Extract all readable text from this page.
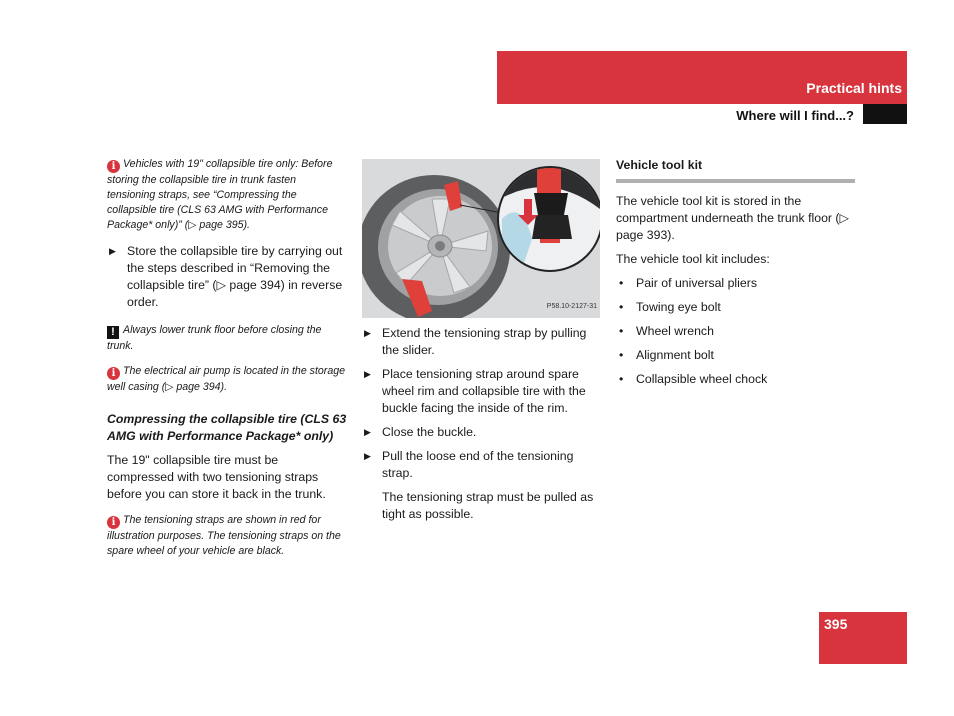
Practical hints
Where will I find...?
i Vehicles with 19" collapsible tire only: Before storing the collapsible tire in trunk fasten tensioning straps, see “Compressing the collapsible tire (CLS 63 AMG with Performance Package* only)” (▷ page 395).
▶ Store the collapsible tire by carrying out the steps described in “Removing the collapsible tire” (▷ page 394) in reverse order.
! Always lower trunk floor before closing the trunk.
i The electrical air pump is located in the storage well casing (▷ page 394).
Compressing the collapsible tire (CLS 63 AMG with Performance Package* only)
The 19" collapsible tire must be compressed with two tensioning straps before you can store it back in the trunk.
i The tensioning straps are shown in red for illustration purposes. The tensioning straps on the spare wheel of your vehicle are black.
P58.10-2127-31
▶ Extend the tensioning strap by pulling the slider.
▶ Place tensioning strap around spare wheel rim and collapsible tire with the buckle facing the inside of the rim.
▶ Close the buckle.
▶ Pull the loose end of the tensioning strap.
The tensioning strap must be pulled as tight as possible.
Vehicle tool kit
The vehicle tool kit is stored in the compartment underneath the trunk floor (▷ page 393).
The vehicle tool kit includes:
• Pair of universal pliers
• Towing eye bolt
• Wheel wrench
• Alignment bolt
• Collapsible wheel chock
395
